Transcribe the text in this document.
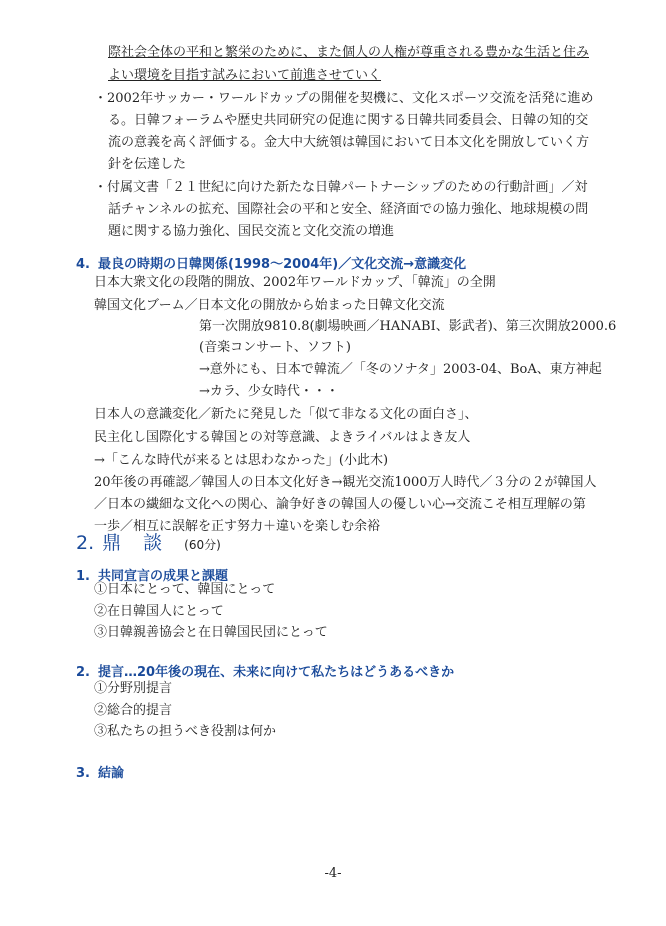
際社会全体の平和と繁栄のために、また個人の人権が尊重される豊かな生活と住み
よい環境を目指す試みにおいて前進させていく
・2002年サッカー・ワールドカップの開催を契機に、文化スポーツ交流を活発に進め
る。日韓フォーラムや歴史共同研究の促進に関する日韓共同委員会、日韓の知的交
流の意義を高く評価する。金大中大統領は韓国において日本文化を開放していく方
針を伝達した
・付属文書「２１世紀に向けた新たな日韓パートナーシップのための行動計画」／対
話チャンネルの拡充、国際社会の平和と安全、経済面での協力強化、地球規模の問
題に関する協力強化、国民交流と文化交流の増進
4. 最良の時期の日韓関係(1998～2004年)／文化交流→意識変化
日本大衆文化の段階的開放、2002年ワールドカップ、「韓流」の全開
韓国文化ブーム／日本文化の開放から始まった日韓文化交流
第一次開放9810.8(劇場映画／HANABI、影武者)、第三次開放2000.6
(音楽コンサート、ソフト)
→意外にも、日本で韓流／「冬のソナタ」2003-04、BoA、東方神起
→カラ、少女時代・・・
日本人の意識変化／新たに発見した「似て非なる文化の面白さ」、
民主化し国際化する韓国との対等意識、よきライバルはよき友人
→「こんな時代が来るとは思わなかった」(小此木)
20年後の再確認／韓国人の日本文化好き→観光交流1000万人時代／３分の２が韓国人
／日本の繊細な文化への関心、論争好きの韓国人の優しい心→交流こそ相互理解の第
一歩／相互に誤解を正す努力＋違いを楽しむ余裕
2. 鼎談(60分)
1. 共同宣言の成果と課題
①日本にとって、韓国にとって
②在日韓国人にとって
③日韓親善協会と在日韓国民団にとって
2. 提言…20年後の現在、未来に向けて私たちはどうあるべきか
①分野別提言
②総合的提言
③私たちの担うべき役割は何か
3. 結論
-4-
